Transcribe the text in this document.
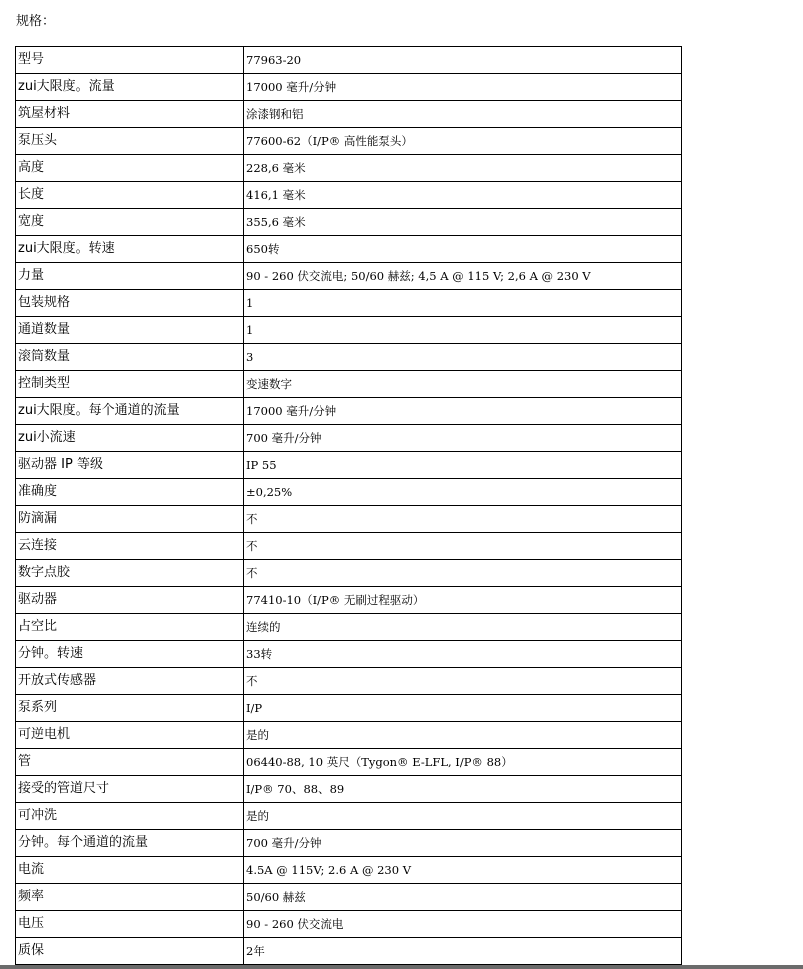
规格：
型号	77963-20
zui大限度。流量	17000 毫升/分钟
筑屋材料	涂漆钢和铝
泵压头	77600-62（I/P® 高性能泵头）
高度	228,6 毫米
长度	416,1 毫米
宽度	355,6 毫米
zui大限度。转速	650转
力量	90 - 260 伏交流电; 50/60 赫兹; 4,5 A @ 115 V; 2,6 A @ 230 V
包装规格	1
通道数量	1
滚筒数量	3
控制类型	变速数字
zui大限度。每个通道的流量	17000 毫升/分钟
zui小流速	700 毫升/分钟
驱动器 IP 等级	IP 55
准确度	±0,25%
防滴漏	不
云连接	不
数字点胶	不
驱动器	77410-10（I/P® 无刷过程驱动）
占空比	连续的
分钟。转速	33转
开放式传感器	不
泵系列	I/P
可逆电机	是的
管	06440-88, 10 英尺（Tygon® E-LFL, I/P® 88）
接受的管道尺寸	I/P® 70、88、89
可冲洗	是的
分钟。每个通道的流量	700 毫升/分钟
电流	4.5A @ 115V; 2.6 A @ 230 V
频率	50/60 赫兹
电压	90 - 260 伏交流电
质保	2年
